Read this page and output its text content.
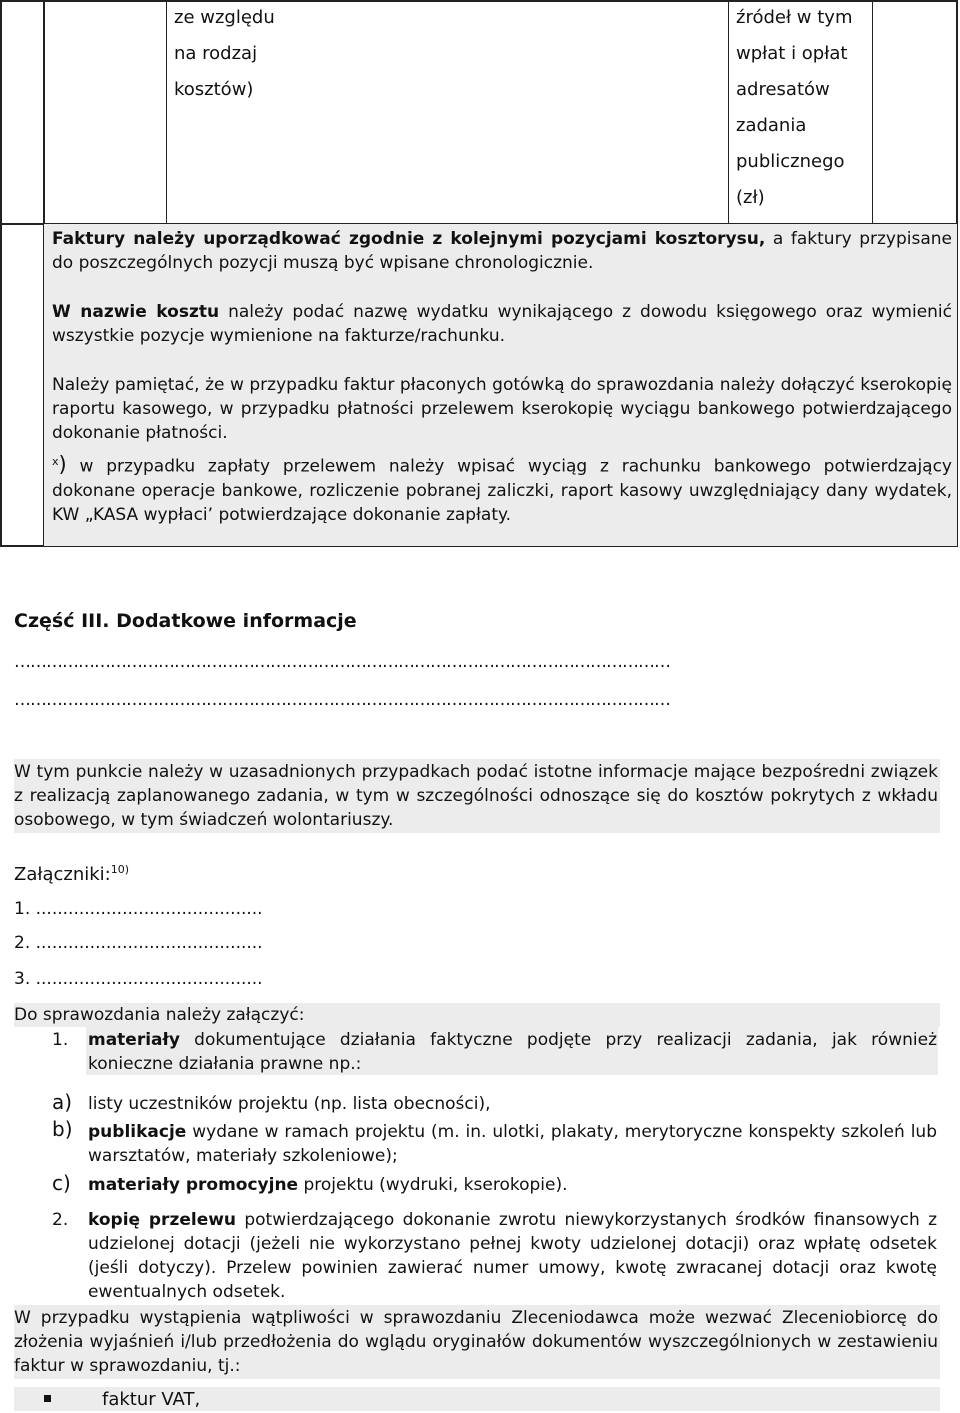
ze względu
na rodzaj
kosztów)
źródeł w tym
wpłat i opłat
adresatów
zadania
publicznego
(zł)
Faktury należy uporządkować zgodnie z kolejnymi pozycjami kosztorysu, a faktury przypisane do poszczególnych pozycji muszą być wpisane chronologicznie.
W nazwie kosztu należy podać nazwę wydatku wynikającego z dowodu księgowego oraz wymienić wszystkie pozycje wymienione na fakturze/rachunku.
Należy pamiętać, że w przypadku faktur płaconych gotówką do sprawozdania należy dołączyć kserokopię raportu kasowego, w przypadku płatności przelewem kserokopię wyciągu bankowego potwierdzającego dokonanie płatności.
$^x$) w przypadku zapłaty przelewem należy wpisać wyciąg z rachunku bankowego potwierdzający dokonane operacje bankowe, rozliczenie pobranej zaliczki, raport kasowy uwzględniający dany wydatek, KW „KASA wypłaci’ potwierdzające dokonanie zapłaty.
Część III. Dodatkowe informacje
……………………………………………………………………………………………………………
……………………………………………………………………………………………………………
W tym punkcie należy w uzasadnionych przypadkach podać istotne informacje mające bezpośredni związek z realizacją zaplanowanego zadania, w tym w szczególności odnoszące się do kosztów pokrytych z wkładu osobowego, w tym świadczeń wolontariuszy.
Załączniki:$^{10)}$
1. ..........................................
2. ..........................................
3. ..........................................
Do sprawozdania należy załączyć:
1. materiały dokumentujące działania faktyczne podjęte przy realizacji zadania, jak również konieczne działania prawne np.:
a) listy uczestników projektu (np. lista obecności),
b) publikacje wydane w ramach projektu (m. in. ulotki, plakaty, merytoryczne konspekty szkoleń lub warsztatów, materiały szkoleniowe);
c) materiały promocyjne projektu (wydruki, kserokopie).
2. kopię przelewu potwierdzającego dokonanie zwrotu niewykorzystanych środków finansowych z udzielonej dotacji (jeżeli nie wykorzystano pełnej kwoty udzielonej dotacji) oraz wpłatę odsetek (jeśli dotyczy). Przelew powinien zawierać numer umowy, kwotę zwracanej dotacji oraz kwotę ewentualnych odsetek.
W przypadku wystąpienia wątpliwości w sprawozdaniu Zleceniodawca może wezwać Zleceniobiorcę do złożenia wyjaśnień i/lub przedłożenia do wglądu oryginałów dokumentów wyszczególnionych w zestawieniu faktur w sprawozdaniu, tj.:
faktur VAT,
